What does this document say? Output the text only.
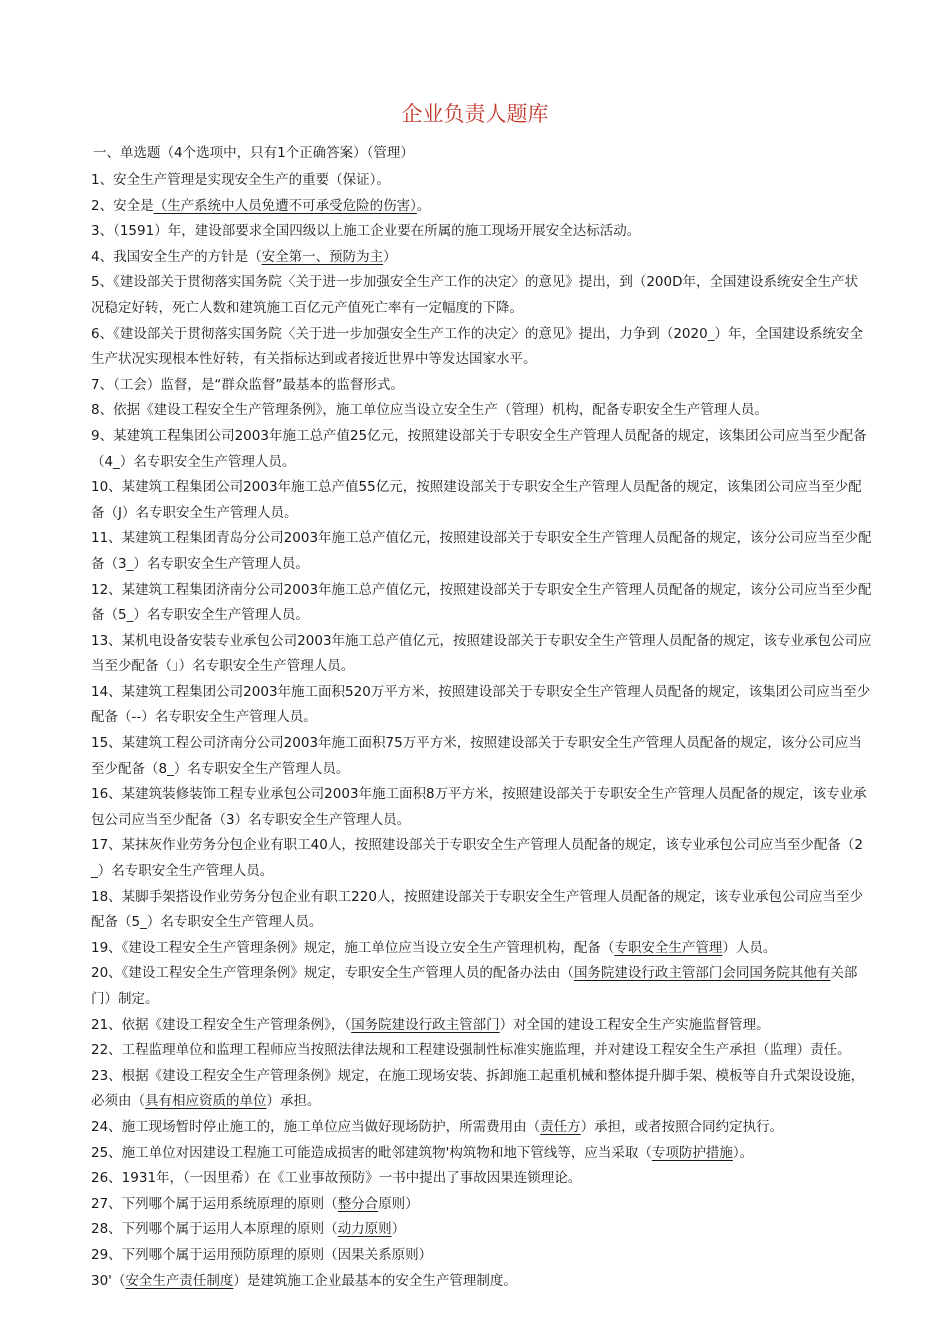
企业负责人题库
一、单选题（4个选项中，只有1个正确答案）（管理）

1、安全生产管理是实现安全生产的重要（保证）。

2、安全是（生产系统中人员免遭不可承受危险的伤害）。

3、（1591）年，建设部要求全国四级以上施工企业要在所属的施工现场开展安全达标活动。

4、我国安全生产的方针是（安全第一、预防为主）

5、《建设部关于贯彻落实国务院〈关于进一步加强安全生产工作的决定〉的意见》提出，到（200D年，全国建设系统安全生产状

况稳定好转，死亡人数和建筑施工百亿元产值死亡率有一定幅度的下降。

6、《建设部关于贯彻落实国务院〈关于进一步加强安全生产工作的决定〉的意见》提出，力争到（2020_）年，全国建设系统安全

生产状况实现根本性好转，有关指标达到或者接近世界中等发达国家水平。

7、（工会）监督，是“群众监督”最基本的监督形式。

8、依据《建设工程安全生产管理条例》，施工单位应当设立安全生产（管理）机构，配备专职安全生产管理人员。

9、某建筑工程集团公司2003年施工总产值25亿元，按照建设部关于专职安全生产管理人员配备的规定，该集团公司应当至少配备

（4_）名专职安全生产管理人员。

10、某建筑工程集团公司2003年施工总产值55亿元，按照建设部关于专职安全生产管理人员配备的规定，该集团公司应当至少配

备（J）名专职安全生产管理人员。

11、某建筑工程集团青岛分公司2003年施工总产值亿元，按照建设部关于专职安全生产管理人员配备的规定，该分公司应当至少配

备（3_）名专职安全生产管理人员。

12、某建筑工程集团济南分公司2003年施工总产值亿元，按照建设部关于专职安全生产管理人员配备的规定，该分公司应当至少配

备（5_）名专职安全生产管理人员。

13、某机电设备安装专业承包公司2003年施工总产值亿元，按照建设部关于专职安全生产管理人员配备的规定，该专业承包公司应

当至少配备（」）名专职安全生产管理人员。

14、某建筑工程集团公司2003年施工面积520万平方米，按照建设部关于专职安全生产管理人员配备的规定，该集团公司应当至少

配备（--）名专职安全生产管理人员。

15、某建筑工程公司济南分公司2003年施工面积75万平方米，按照建设部关于专职安全生产管理人员配备的规定，该分公司应当

至少配备（8_）名专职安全生产管理人员。

16、某建筑装修装饰工程专业承包公司2003年施工面积8万平方米，按照建设部关于专职安全生产管理人员配备的规定，该专业承

包公司应当至少配备（3）名专职安全生产管理人员。

17、某抹灰作业劳务分包企业有职工40人，按照建设部关于专职安全生产管理人员配备的规定，该专业承包公司应当至少配备（2

_）名专职安全生产管理人员。

18、某脚手架搭设作业劳务分包企业有职工220人，按照建设部关于专职安全生产管理人员配备的规定，该专业承包公司应当至少

配备（5_）名专职安全生产管理人员。

19、《建设工程安全生产管理条例》规定，施工单位应当设立安全生产管理机构，配备（专职安全生产管理）人员。

20、《建设工程安全生产管理条例》规定，专职安全生产管理人员的配备办法由（国务院建设行政主管部门会同国务院其他有关部

门）制定。

21、依据《建设工程安全生产管理条例》，（国务院建设行政主管部门）对全国的建设工程安全生产实施监督管理。

22、工程监理单位和监理工程师应当按照法律法规和工程建设强制性标准实施监理，并对建设工程安全生产承担（监理）责任。

23、根据《建设工程安全生产管理条例》规定，在施工现场安装、拆卸施工起重机械和整体提升脚手架、模板等自升式架设设施，

必须由（具有相应资质的单位）承担。

24、施工现场暂时停止施工的，施工单位应当做好现场防护，所需费用由（责任方）承担，或者按照合同约定执行。

25、施工单位对因建设工程施工可能造成损害的毗邻建筑物'构筑物和地下管线等，应当采取（专项防护措施）。

26、1931年，（一因里希）在《工业事故预防》一书中提出了事故因果连锁理论。

27、下列哪个属于运用系统原理的原则（整分合原则）

28、下列哪个属于运用人本原理的原则（动力原则）

29、下列哪个属于运用预防原理的原则（因果关系原则）

30'（安全生产责任制度）是建筑施工企业最基本的安全生产管理制度。
